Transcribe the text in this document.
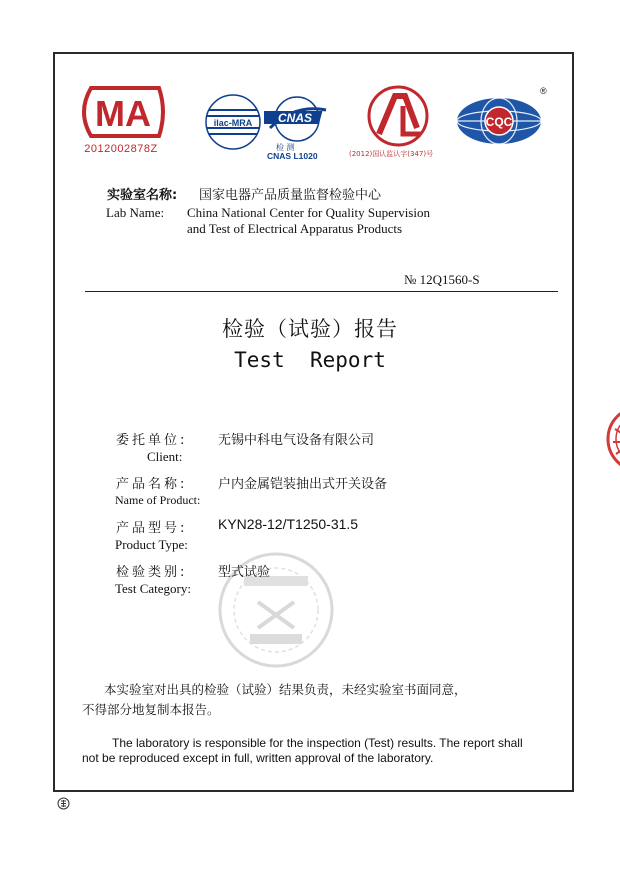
MA
2012002878Z
ilac-MRA CNAS
检 测
CNAS L1020	(2012)国认监认字(347)号
CQC
®
实验室名称: 国家电器产品质量监督检验中心
Lab Name: China National Center for Quality Supervision
and Test of Electrical Apparatus Products
№ 12Q1560-S
检验（试验）报告
Test  Report
委托单位: 无锡中科电气设备有限公司
Client:
产品名称: 户内金属铠装抽出式开关设备
Name of Product:
产品型号: KYN28-12/T1250-31.5
Product Type:
检验类别: 型式试验
Test Category:
本实验室对出具的检验（试验）结果负责，未经实验室书面同意，
不得部分地复制本报告。
The laboratory is responsible for the inspection (Test) results. The report shall
not be reproduced except in full, written approval of the laboratory.
